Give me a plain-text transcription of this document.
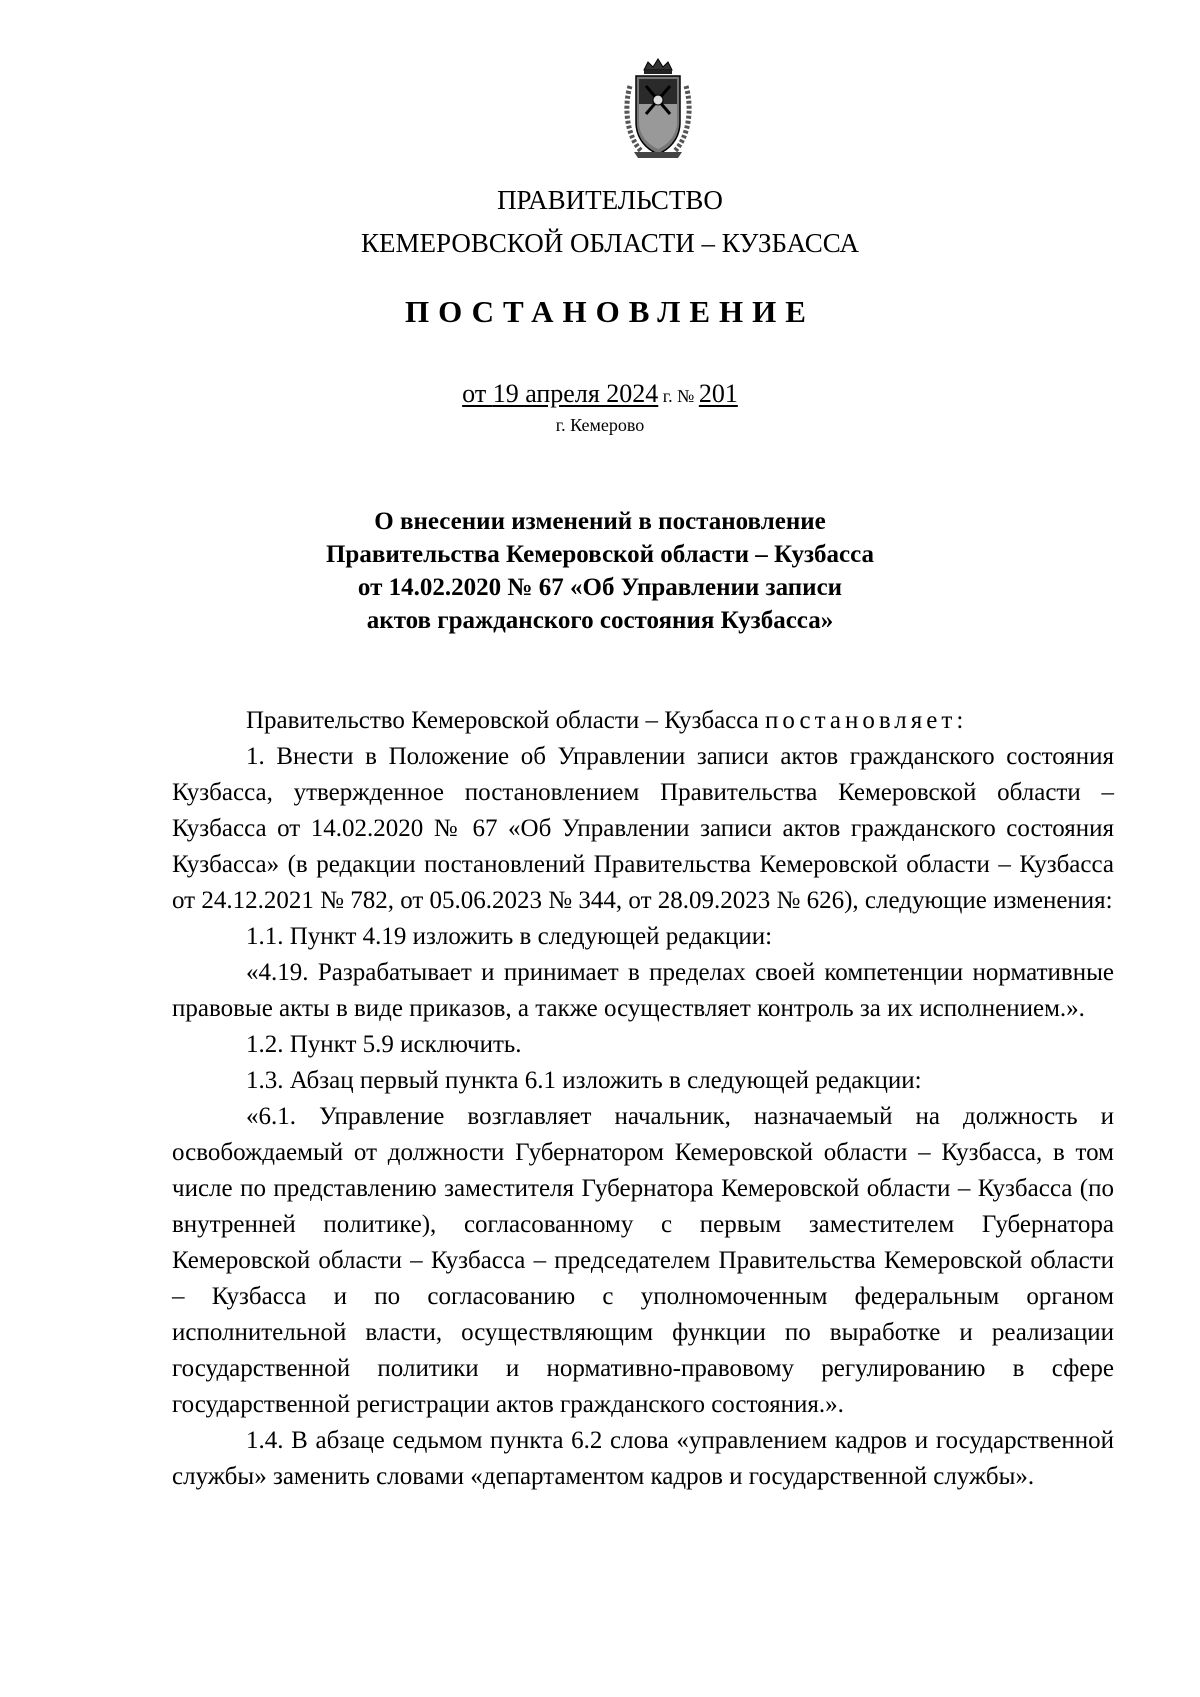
ПРАВИТЕЛЬСТВО
КЕМЕРОВСКОЙ ОБЛАСТИ – КУЗБАССА
ПОСТАНОВЛЕНИЕ
от 19 апреля 2024 г. № 201
г. Кемерово
О внесении изменений в постановление
Правительства Кемеровской области – Кузбасса
от 14.02.2020 № 67 «Об Управлении записи
актов гражданского состояния Кузбасса»

Правительство Кемеровской области – Кузбасса постановляет:

1. Внести в Положение об Управлении записи актов гражданского состояния Кузбасса, утвержденное постановлением Правительства Кемеровской области – Кузбасса от 14.02.2020 № 67 «Об Управлении записи актов гражданского состояния Кузбасса» (в редакции постановлений Правительства Кемеровской области – Кузбасса от 24.12.2021 № 782, от 05.06.2023 № 344, от 28.09.2023 № 626), следующие изменения:

1.1. Пункт 4.19 изложить в следующей редакции:

«4.19. Разрабатывает и принимает в пределах своей компетенции нормативные правовые акты в виде приказов, а также осуществляет контроль за их исполнением.».

1.2. Пункт 5.9 исключить.

1.3. Абзац первый пункта 6.1 изложить в следующей редакции:

«6.1. Управление возглавляет начальник, назначаемый на должность и освобождаемый от должности Губернатором Кемеровской области – Кузбасса, в том числе по представлению заместителя Губернатора Кемеровской области – Кузбасса (по внутренней политике), согласованному с первым заместителем Губернатора Кемеровской области – Кузбасса – председателем Правительства Кемеровской области – Кузбасса и по согласованию с уполномоченным федеральным органом исполнительной власти, осуществляющим функции по выработке и реализации государственной политики и нормативно-правовому регулированию в сфере государственной регистрации актов гражданского состояния.».

1.4. В абзаце седьмом пункта 6.2 слова «управлением кадров и государственной службы» заменить словами «департаментом кадров и государственной службы».
